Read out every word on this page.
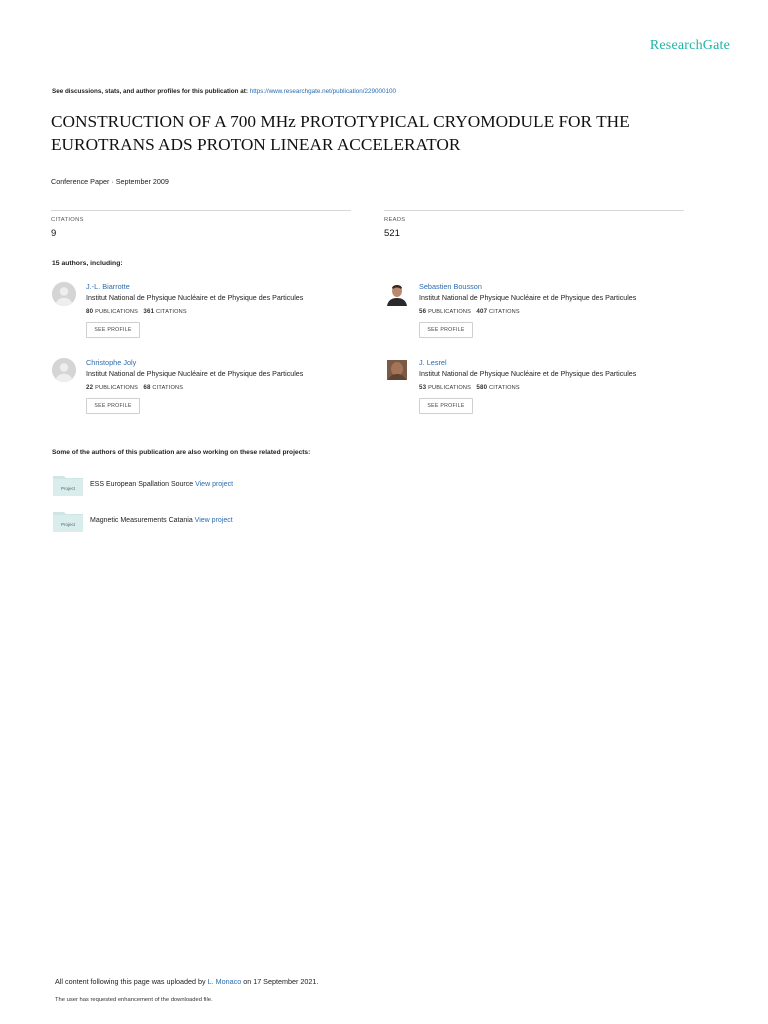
ResearchGate
See discussions, stats, and author profiles for this publication at: https://www.researchgate.net/publication/229000100
CONSTRUCTION OF A 700 MHz PROTOTYPICAL CRYOMODULE FOR THE EUROTRANS ADS PROTON LINEAR ACCELERATOR
Conference Paper · September 2009
CITATIONS
9
READS
521
15 authors, including:
J.-L. Biarrotte
Institut National de Physique Nucléaire et de Physique des Particules
80 PUBLICATIONS 361 CITATIONS
SEE PROFILE
Sebastien Bousson
Institut National de Physique Nucléaire et de Physique des Particules
56 PUBLICATIONS 407 CITATIONS
SEE PROFILE
Christophe Joly
Institut National de Physique Nucléaire et de Physique des Particules
22 PUBLICATIONS 68 CITATIONS
SEE PROFILE
J. Lesrel
Institut National de Physique Nucléaire et de Physique des Particules
53 PUBLICATIONS 580 CITATIONS
SEE PROFILE
Some of the authors of this publication are also working on these related projects:
Project
ESS European Spallation Source View project
Project
Magnetic Measurements Catania View project
All content following this page was uploaded by L. Monaco on 17 September 2021.
The user has requested enhancement of the downloaded file.
